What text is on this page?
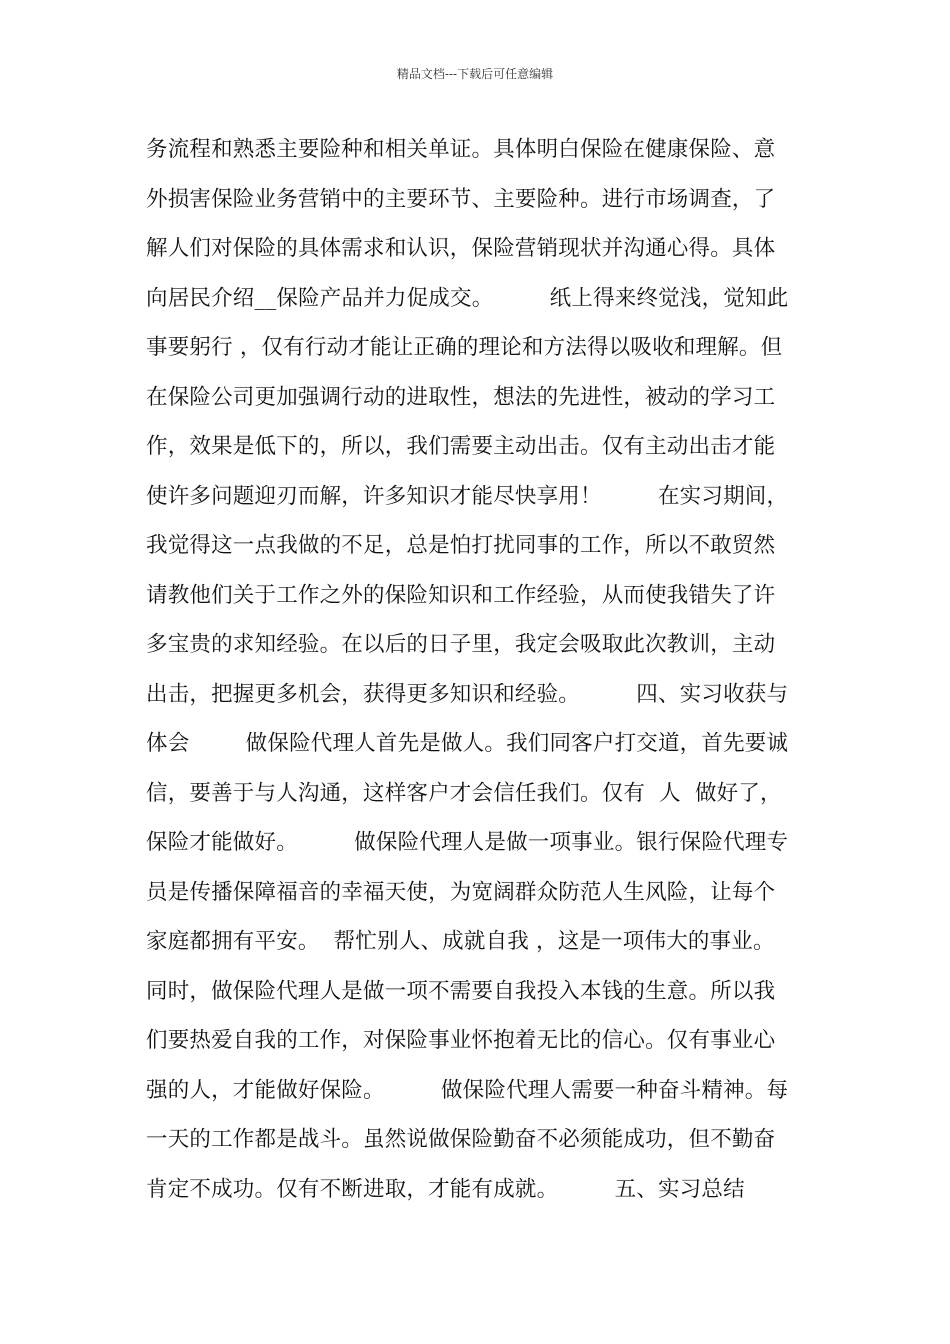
精品文档---下载后可任意编辑
务流程和熟悉主要险种和相关单证。具体明白保险在健康保险、意
外损害保险业务营销中的主要环节、主要险种。进行市场调查，了
解人们对保险的具体需求和认识，保险营销现状并沟通心得。具体
向居民介绍__保险产品并力促成交。        纸上得来终觉浅，觉知此
事要躬行 ，仅有行动才能让正确的理论和方法得以吸收和理解。但
在保险公司更加强调行动的进取性，想法的先进性，被动的学习工
作，效果是低下的，所以，我们需要主动出击。仅有主动出击才能
使许多问题迎刃而解，许多知识才能尽快享用！        在实习期间，
我觉得这一点我做的不足，总是怕打扰同事的工作，所以不敢贸然
请教他们关于工作之外的保险知识和工作经验，从而使我错失了许
多宝贵的求知经验。在以后的日子里，我定会吸取此次教训，主动
出击，把握更多机会，获得更多知识和经验。        四、实习收获与
体会        做保险代理人首先是做人。我们同客户打交道，首先要诚
信，要善于与人沟通，这样客户才会信任我们。仅有  人  做好了，
保险才能做好。        做保险代理人是做一项事业。银行保险代理专
员是传播保障福音的幸福天使，为宽阔群众防范人生风险，让每个
家庭都拥有平安。  帮忙别人、成就自我 ，这是一项伟大的事业。
同时，做保险代理人是做一项不需要自我投入本钱的生意。所以我
们要热爱自我的工作，对保险事业怀抱着无比的信心。仅有事业心
强的人，才能做好保险。        做保险代理人需要一种奋斗精神。每
一天的工作都是战斗。虽然说做保险勤奋不必须能成功，但不勤奋
肯定不成功。仅有不断进取，才能有成就。        五、实习总结
